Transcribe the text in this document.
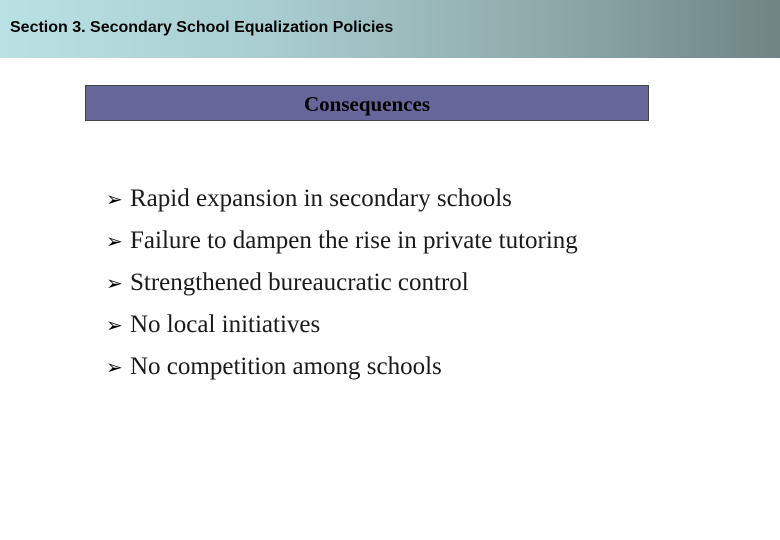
Section 3. Secondary School Equalization Policies
Consequences
➢ Rapid expansion in secondary schools
➢ Failure to dampen the rise in private tutoring
➢ Strengthened bureaucratic control
➢ No local initiatives
➢ No competition among schools
